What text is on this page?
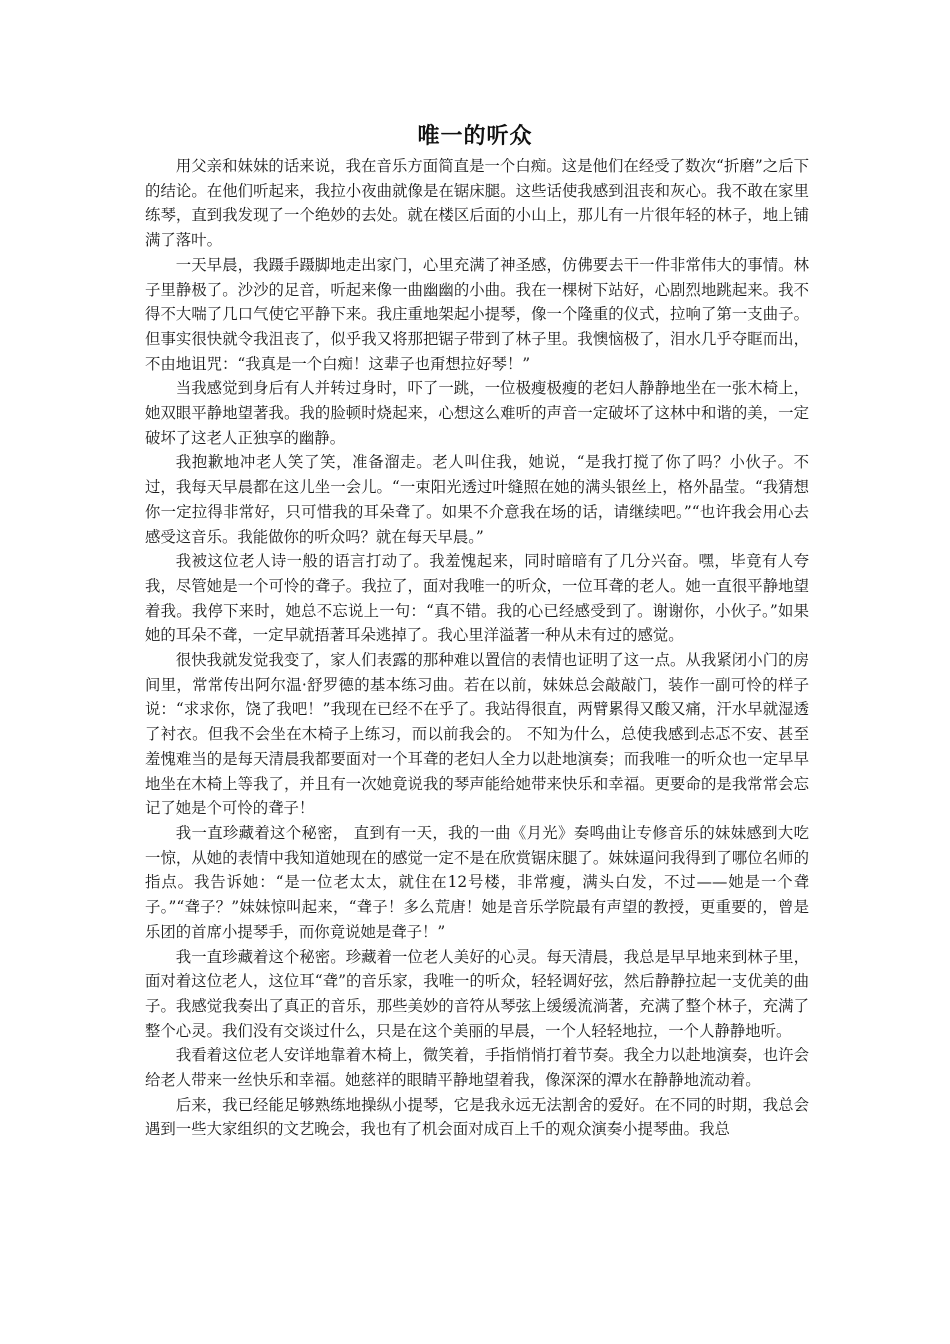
唯一的听众

用父亲和妹妹的话来说，我在音乐方面简直是一个白痴。这是他们在经受了数次“折磨”之后下的结论。在他们听起来，我拉小夜曲就像是在锯床腿。这些话使我感到沮丧和灰心。我不敢在家里练琴，直到我发现了一个绝妙的去处。就在楼区后面的小山上，那儿有一片很年轻的林子，地上铺满了落叶。

一天早晨，我蹑手蹑脚地走出家门，心里充满了神圣感，仿佛要去干一件非常伟大的事情。林子里静极了。沙沙的足音，听起来像一曲幽幽的小曲。我在一棵树下站好，心剧烈地跳起来。我不得不大喘了几口气使它平静下来。我庄重地架起小提琴，像一个隆重的仪式，拉响了第一支曲子。但事实很快就令我沮丧了，似乎我又将那把锯子带到了林子里。我懊恼极了，泪水几乎夺眶而出，不由地诅咒：“我真是一个白痴！这辈子也甭想拉好琴！”

当我感觉到身后有人并转过身时，吓了一跳，一位极瘦极瘦的老妇人静静地坐在一张木椅上，她双眼平静地望著我。我的脸顿时烧起来，心想这么难听的声音一定破坏了这林中和谐的美，一定破坏了这老人正独享的幽静。

我抱歉地冲老人笑了笑，准备溜走。老人叫住我，她说，“是我打搅了你了吗？小伙子。不过，我每天早晨都在这儿坐一会儿。“一束阳光透过叶缝照在她的满头银丝上，格外晶莹。“我猜想你一定拉得非常好，只可惜我的耳朵聋了。如果不介意我在场的话，请继续吧。”“也许我会用心去感受这音乐。我能做你的听众吗？就在每天早晨。”

我被这位老人诗一般的语言打动了。我羞愧起来，同时暗暗有了几分兴奋。嘿，毕竟有人夸我，尽管她是一个可怜的聋子。我拉了，面对我唯一的听众，一位耳聋的老人。她一直很平静地望着我。我停下来时，她总不忘说上一句：“真不错。我的心已经感受到了。谢谢你，小伙子。”如果她的耳朵不聋，一定早就捂著耳朵逃掉了。我心里洋溢著一种从未有过的感觉。

很快我就发觉我变了，家人们表露的那种难以置信的表情也证明了这一点。从我紧闭小门的房间里，常常传出阿尔温·舒罗德的基本练习曲。若在以前，妹妹总会敲敲门，装作一副可怜的样子说：“求求你，饶了我吧！”我现在已经不在乎了。我站得很直，两臂累得又酸又痛，汗水早就湿透了衬衣。但我不会坐在木椅子上练习，而以前我会的。 不知为什么，总使我感到忐忑不安、甚至羞愧难当的是每天清晨我都要面对一个耳聋的老妇人全力以赴地演奏；而我唯一的听众也一定早早地坐在木椅上等我了，并且有一次她竟说我的琴声能给她带来快乐和幸福。更要命的是我常常会忘记了她是个可怜的聋子！

我一直珍藏着这个秘密， 直到有一天，我的一曲《月光》奏鸣曲让专修音乐的妹妹感到大吃一惊，从她的表情中我知道她现在的感觉一定不是在欣赏锯床腿了。妹妹逼问我得到了哪位名师的指点。我告诉她：“是一位老太太，就住在12号楼，非常瘦，满头白发，不过——她是一个聋子。”“聋子？”妹妹惊叫起来，“聋子！多么荒唐！她是音乐学院最有声望的教授，更重要的，曾是乐团的首席小提琴手，而你竟说她是聋子！”

我一直珍藏着这个秘密。珍藏着一位老人美好的心灵。每天清晨，我总是早早地来到林子里，面对着这位老人，这位耳“聋”的音乐家，我唯一的听众，轻轻调好弦，然后静静拉起一支优美的曲子。我感觉我奏出了真正的音乐，那些美妙的音符从琴弦上缓缓流淌著，充满了整个林子，充满了整个心灵。我们没有交谈过什么，只是在这个美丽的早晨，一个人轻轻地拉，一个人静静地听。

我看着这位老人安详地靠着木椅上，微笑着，手指悄悄打着节奏。我全力以赴地演奏，也许会给老人带来一丝快乐和幸福。她慈祥的眼睛平静地望着我，像深深的潭水在静静地流动着。

后来，我已经能足够熟练地操纵小提琴，它是我永远无法割舍的爱好。在不同的时期，我总会遇到一些大家组织的文艺晚会，我也有了机会面对成百上千的观众演奏小提琴曲。我总
